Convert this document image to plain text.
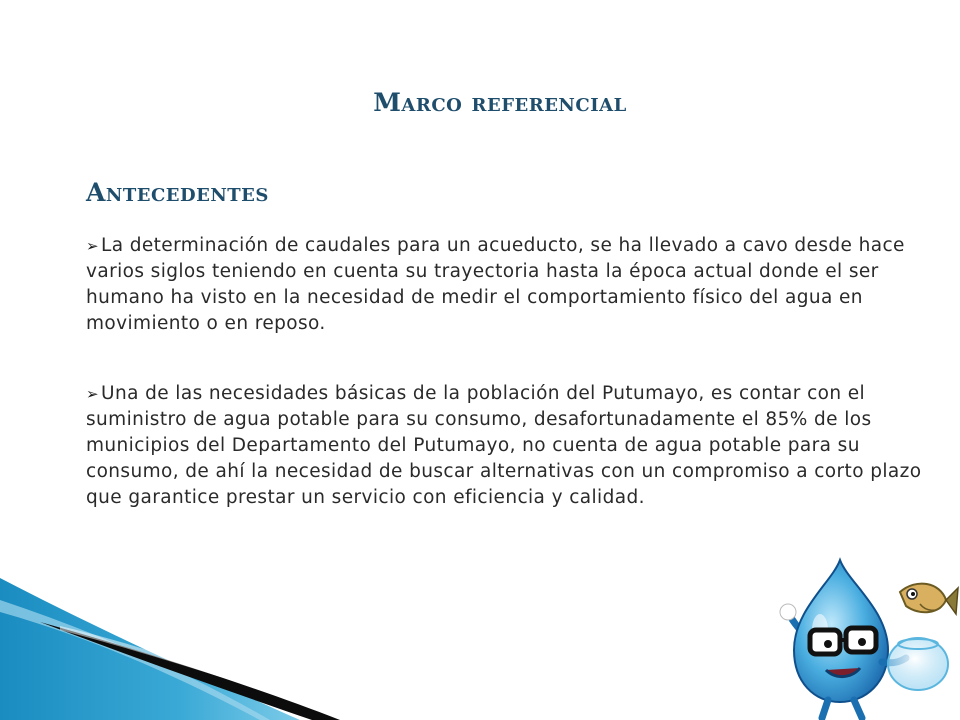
Marco referencial
Antecedentes

➢ La determinación de caudales para un acueducto, se ha llevado a cavo desde hace varios siglos teniendo en cuenta su trayectoria hasta la época actual donde el ser humano ha visto en la necesidad de medir el comportamiento físico del agua en movimiento o en reposo.

➢ Una de las necesidades básicas de la población del Putumayo, es contar con el suministro de agua potable para su consumo, desafortunadamente el 85% de los municipios del Departamento del Putumayo, no cuenta de agua potable para su consumo, de ahí la necesidad de buscar alternativas con un compromiso a corto plazo que garantice prestar un servicio con eficiencia y calidad.
